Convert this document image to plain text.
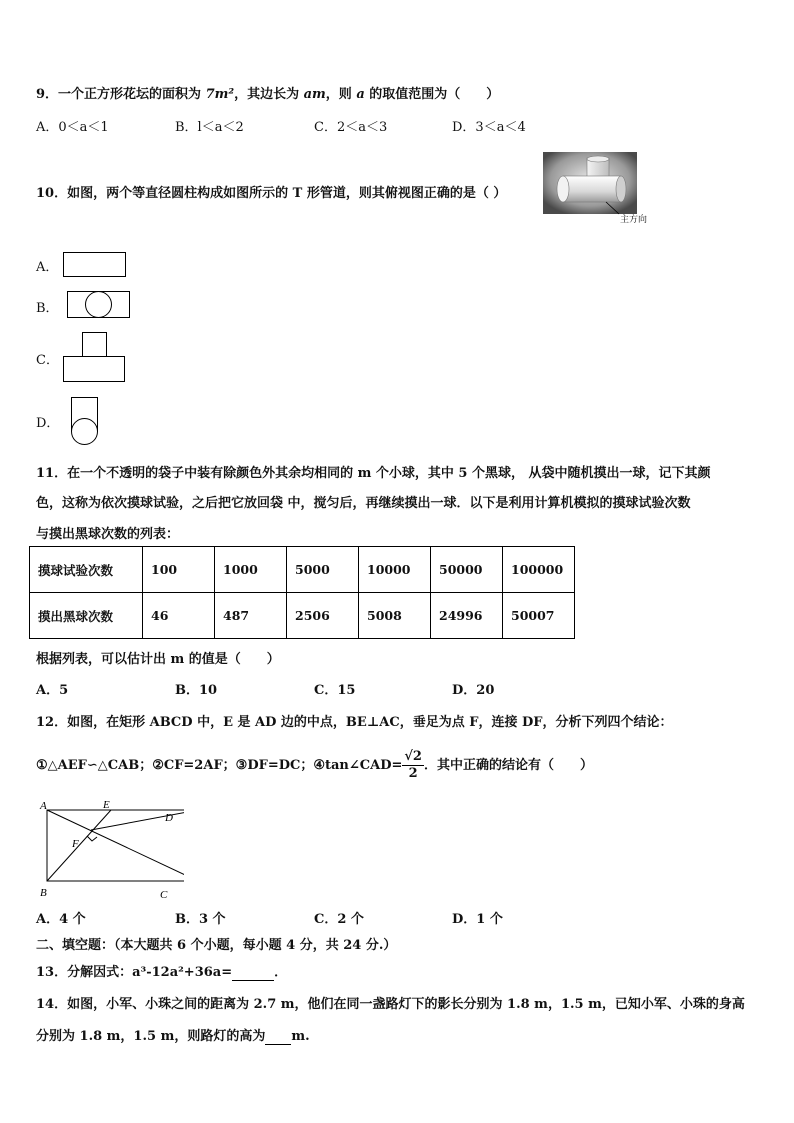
9．一个正方形花坛的面积为 7m²，其边长为 am，则 a 的取值范围为（　　）
A．0＜a＜1	B．l＜a＜2	C．2＜a＜3	D．3＜a＜4
10．如图，两个等直径圆柱构成如图所示的 T 形管道，则其俯视图正确的是（ ）
主方向
A．
B．
C．
D．
11．在一个不透明的袋子中装有除颜色外其余均相同的 m 个小球，其中 5 个黑球， 从袋中随机摸出一球，记下其颜
色，这称为依次摸球试验，之后把它放回袋 中，搅匀后，再继续摸出一球．以下是利用计算机模拟的摸球试验次数
与摸出黑球次数的列表：
摸球试验次数	100	1000	5000	10000	50000	100000
摸出黑球次数	46	487	2506	5008	24996	50007
根据列表，可以估计出 m 的值是（　　）
A．5	B．10	C．15	D．20
12．如图，在矩形 ABCD 中，E 是 AD 边的中点，BE⊥AC，垂足为点 F，连接 DF，分析下列四个结论：
①△AEF∽△CAB；②CF=2AF；③DF=DC；④tan∠CAD= $\frac{√2}{2}$ ．其中正确的结论有（　　）
A	E
D
F
B	C
A．4 个	B．3 个	C．2 个	D．1 个
二、填空题：（本大题共 6 个小题，每小题 4 分，共 24 分.）
13．分解因式：a³-12a²+36a=	．
14．如图，小军、小珠之间的距离为 2.7 m，他们在同一盏路灯下的影长分别为 1.8 m，1.5 m，已知小军、小珠的身高
分别为 1.8 m，1.5 m，则路灯的高为 m.
